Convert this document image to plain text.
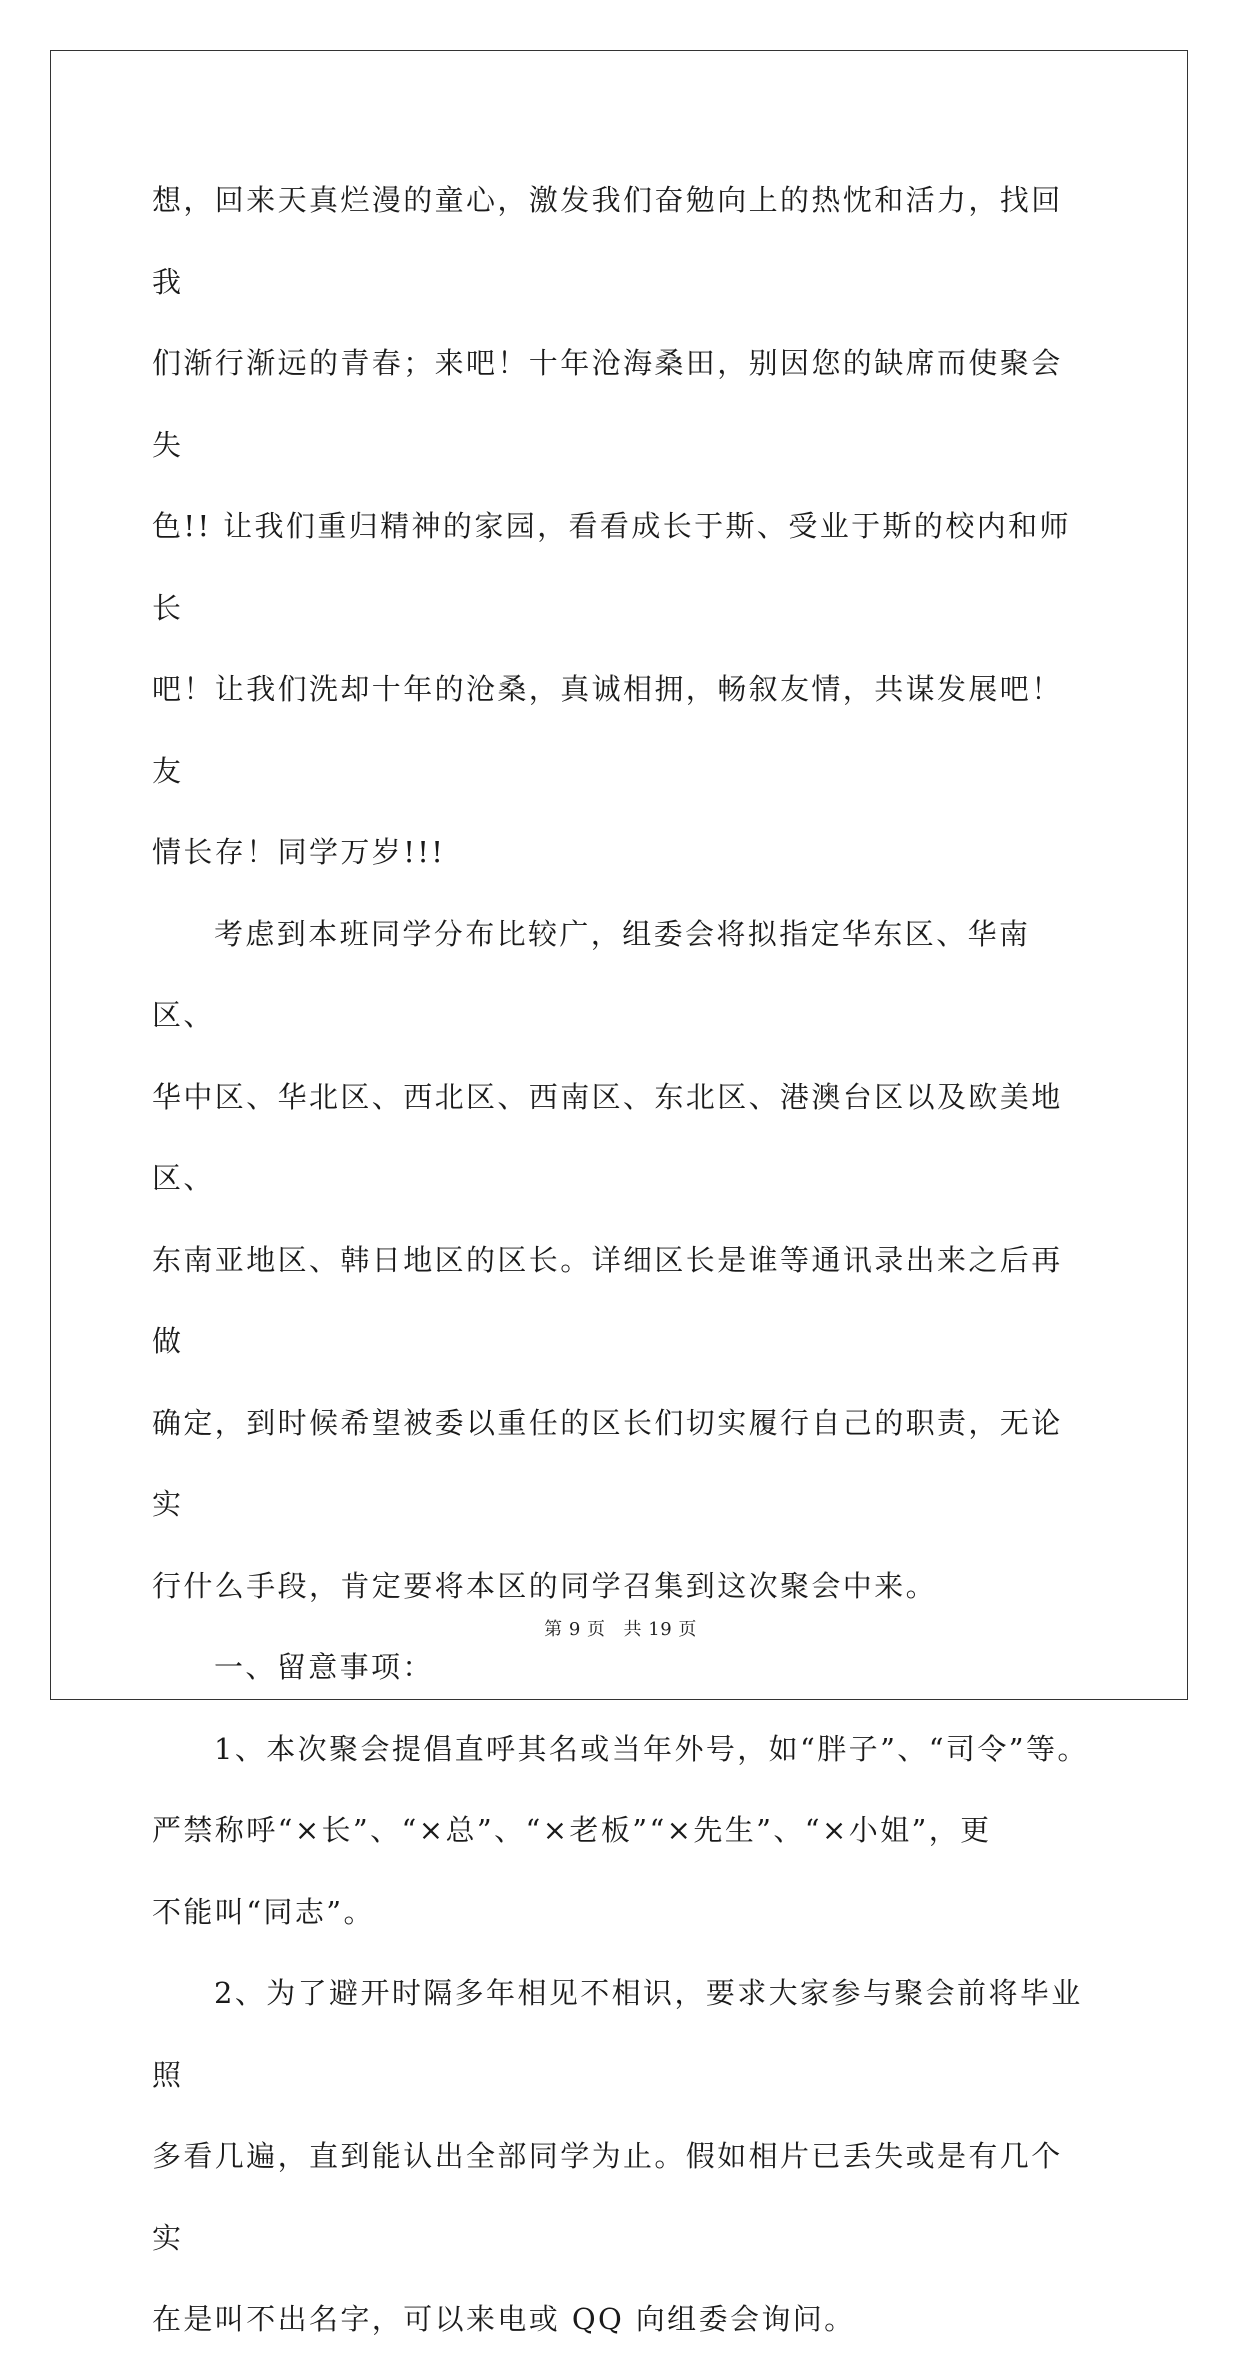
想，回来天真烂漫的童心，激发我们奋勉向上的热忱和活力，找回我
们渐行渐远的青春；来吧！十年沧海桑田，别因您的缺席而使聚会失
色!! 让我们重归精神的家园，看看成长于斯、受业于斯的校内和师长
吧！让我们洗却十年的沧桑，真诚相拥，畅叙友情，共谋发展吧！友
情长存！同学万岁!!!

考虑到本班同学分布比较广，组委会将拟指定华东区、华南区、
华中区、华北区、西北区、西南区、东北区、港澳台区以及欧美地区、
东南亚地区、韩日地区的区长。详细区长是谁等通讯录出来之后再做
确定，到时候希望被委以重任的区长们切实履行自己的职责，无论实
行什么手段，肯定要将本区的同学召集到这次聚会中来。

一、留意事项：

1、本次聚会提倡直呼其名或当年外号，如“胖子”、“司令”等。
严禁称呼“×长”、“×总”、“×老板”“×先生”、“×小姐”，更
不能叫“同志”。

2、为了避开时隔多年相见不相识，要求大家参与聚会前将毕业照
多看几遍，直到能认出全部同学为止。假如相片已丢失或是有几个实
在是叫不出名字，可以来电或 QQ 向组委会询问。

第 9 页 共 19 页
